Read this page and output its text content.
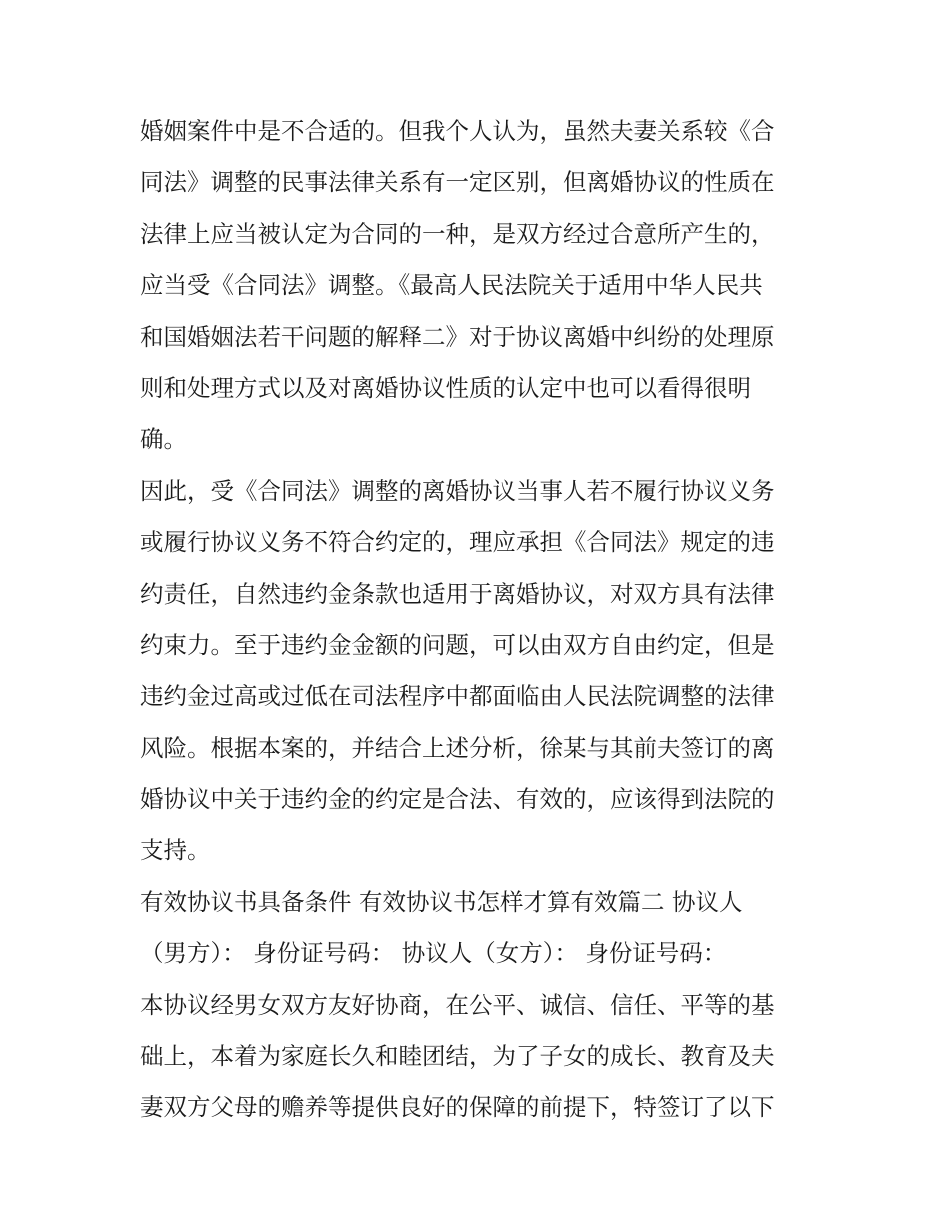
婚姻案件中是不合适的。但我个人认为，虽然夫妻关系较《合
同法》调整的民事法律关系有一定区别，但离婚协议的性质在
法律上应当被认定为合同的一种，是双方经过合意所产生的，
应当受《合同法》调整。《最高人民法院关于适用中华人民共
和国婚姻法若干问题的解释二》对于协议离婚中纠纷的处理原
则和处理方式以及对离婚协议性质的认定中也可以看得很明
确。
因此，受《合同法》调整的离婚协议当事人若不履行协议义务
或履行协议义务不符合约定的，理应承担《合同法》规定的违
约责任，自然违约金条款也适用于离婚协议，对双方具有法律
约束力。至于违约金金额的问题，可以由双方自由约定，但是
违约金过高或过低在司法程序中都面临由人民法院调整的法律
风险。根据本案的，并结合上述分析，徐某与其前夫签订的离
婚协议中关于违约金的约定是合法、有效的，应该得到法院的
支持。
有效协议书具备条件 有效协议书怎样才算有效篇二 协议人
（男方）： 身份证号码： 协议人（女方）： 身份证号码：
本协议经男女双方友好协商，在公平、诚信、信任、平等的基
础上，本着为家庭长久和睦团结，为了子女的成长、教育及夫
妻双方父母的赡养等提供良好的保障的前提下，特签订了以下
